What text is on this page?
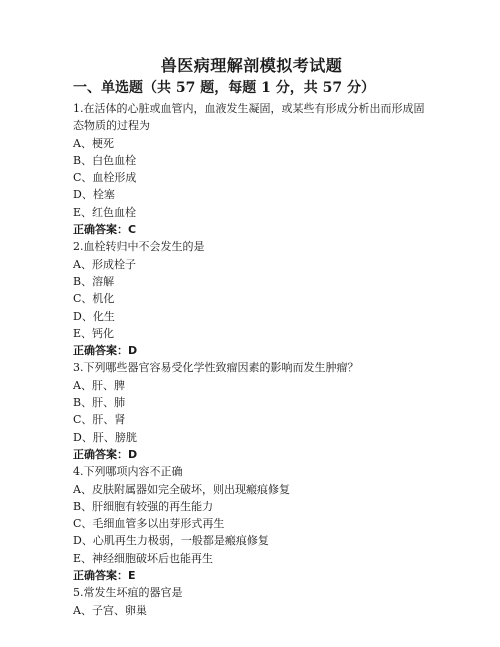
兽医病理解剖模拟考试题
一、单选题（共 57 题，每题 1 分，共 57 分）
1.在活体的心脏或血管内，血液发生凝固，或某些有形成分析出而形成固态物质的过程为
A、梗死
B、白色血栓
C、血栓形成
D、栓塞
E、红色血栓
正确答案：C
2.血栓转归中不会发生的是
A、形成栓子
B、溶解
C、机化
D、化生
E、钙化
正确答案：D
3.下列哪些器官容易受化学性致瘤因素的影响而发生肿瘤？
A、肝、脾
B、肝、肺
C、肝、肾
D、肝、膀胱
正确答案：D
4.下列哪项内容不正确
A、皮肤附属器如完全破坏，则出现瘢痕修复
B、肝细胞有较强的再生能力
C、毛细血管多以出芽形式再生
D、心肌再生力极弱，一般都是瘢痕修复
E、神经细胞破坏后也能再生
正确答案：E
5.常发生坏疽的器官是
A、子宫、卵巢
